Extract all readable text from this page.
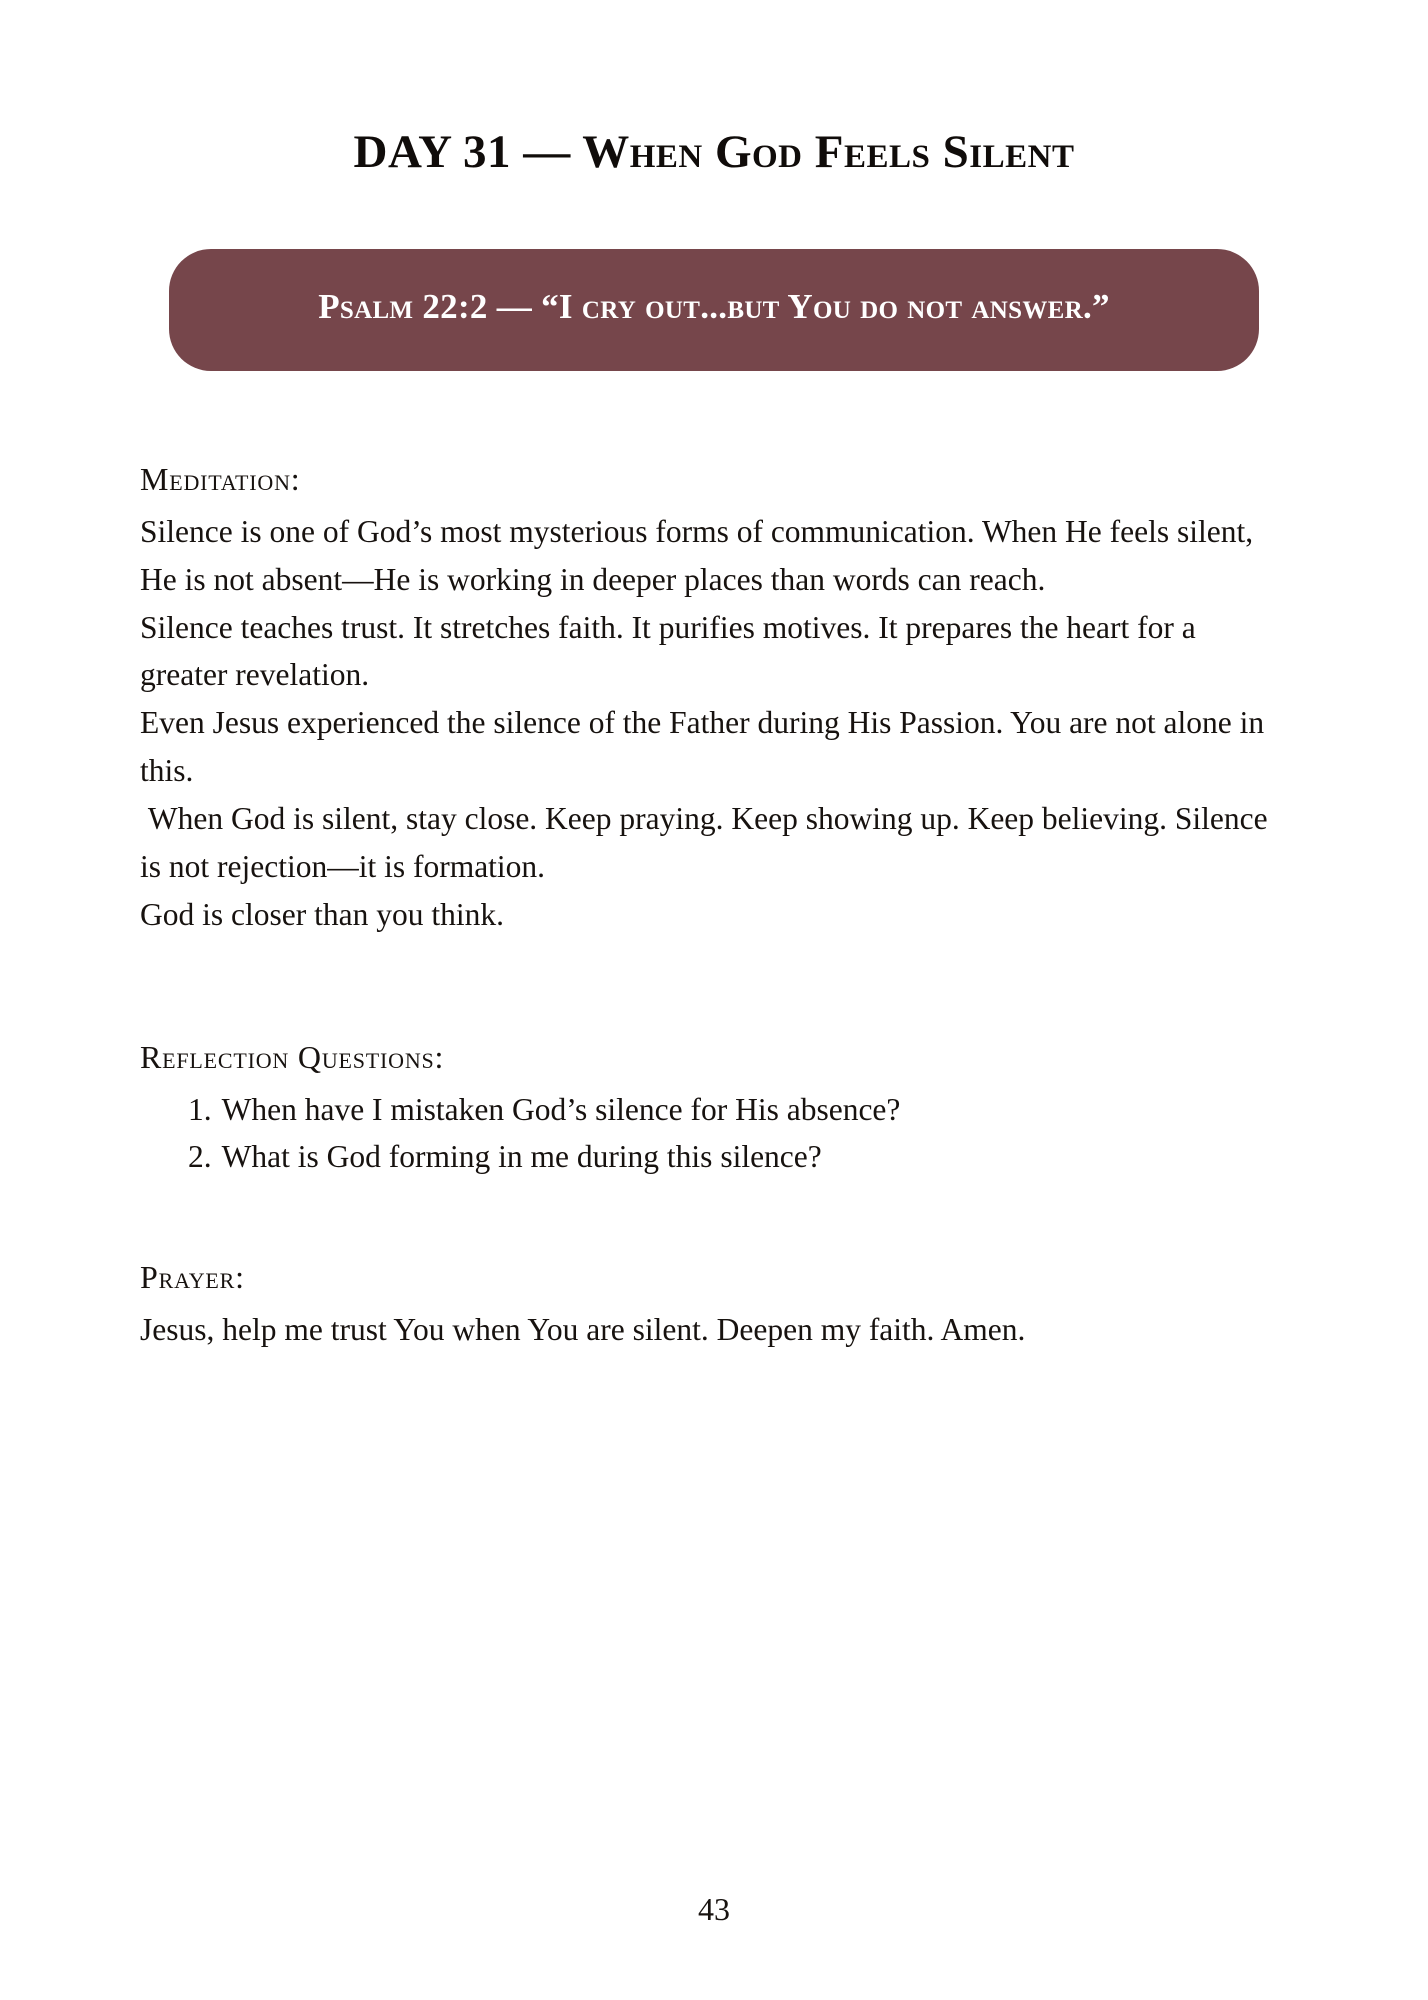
DAY 31 — When God Feels Silent

Psalm 22:2 — “I cry out...but You do not answer.”

Meditation:

Silence is one of God’s most mysterious forms of communication. When He feels silent, He is not absent—He is working in deeper places than words can reach.

Silence teaches trust. It stretches faith. It purifies motives. It prepares the heart for a greater revelation.

Even Jesus experienced the silence of the Father during His Passion. You are not alone in this.

When God is silent, stay close. Keep praying. Keep showing up. Keep believing. Silence is not rejection—it is formation.

God is closer than you think.

Reflection Questions:
1. When have I mistaken God’s silence for His absence?
2. What is God forming in me during this silence?
Prayer:

Jesus, help me trust You when You are silent. Deepen my faith. Amen.

43
